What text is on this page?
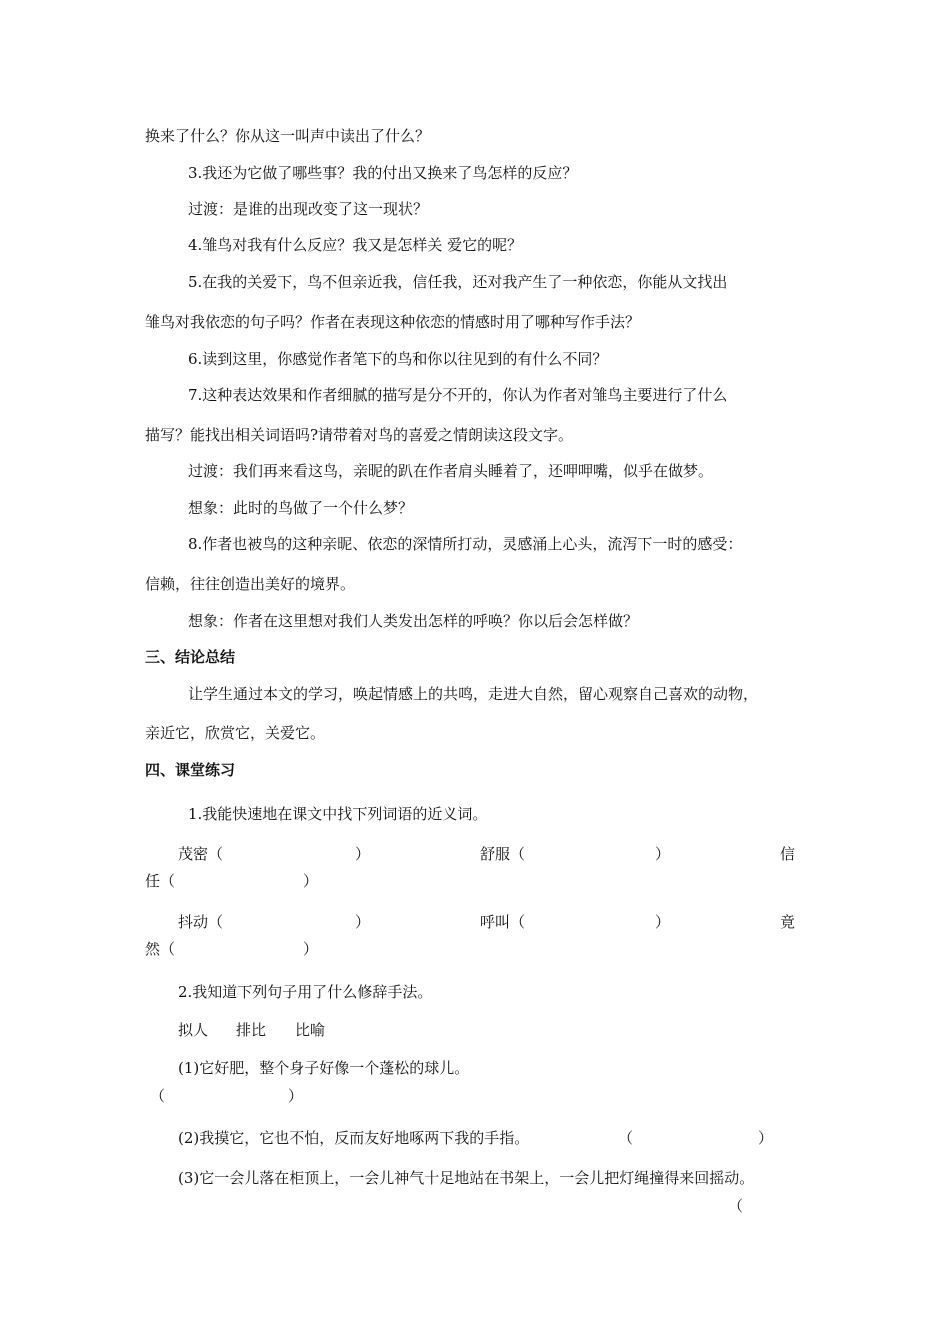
换来了什么？你从这一叫声中读出了什么？
3.我还为它做了哪些事？我的付出又换来了鸟怎样的反应？
过渡：是谁的出现改变了这一现状？
4.雏鸟对我有什么反应？我又是怎样关 爱它的呢？
5.在我的关爱下，鸟不但亲近我，信任我，还对我产生了一种依恋，你能从文找出
雏鸟对我依恋的句子吗？作者在表现这种依恋的情感时用了哪种写作手法？
6.读到这里，你感觉作者笔下的鸟和你以往见到的有什么不同？
7.这种表达效果和作者细腻的描写是分不开的，你认为作者对雏鸟主要进行了什么
描写？能找出相关词语吗?请带着对鸟的喜爱之情朗读这段文字。
过渡：我们再来看这鸟，亲昵的趴在作者肩头睡着了，还呷呷嘴，似乎在做梦。
想象：此时的鸟做了一个什么梦？
8.作者也被鸟的这种亲昵、依恋的深情所打动，灵感涌上心头，流泻下一时的感受：
信赖，往往创造出美好的境界。
想象：作者在这里想对我们人类发出怎样的呼唤？你以后会怎样做？
三、结论总结
让学生通过本文的学习，唤起情感上的共鸣，走进大自然，留心观察自己喜欢的动物，
亲近它，欣赏它，关爱它。
四、课堂练习
1.我能快速地在课文中找下列词语的近义词。
茂密（	）	舒服（	）	信
任（	）
抖动（	）	呼叫（	）	竟
然（	）
2.我知道下列句子用了什么修辞手法。
拟人 排比 比喻
(1)它好肥，整个身子好像一个蓬松的球儿。
（	）
(2)我摸它，它也不怕，反而友好地啄两下我的手指。	（	）
(3)它一会儿落在柜顶上，一会儿神气十足地站在书架上，一会儿把灯绳撞得来回摇动。
（
